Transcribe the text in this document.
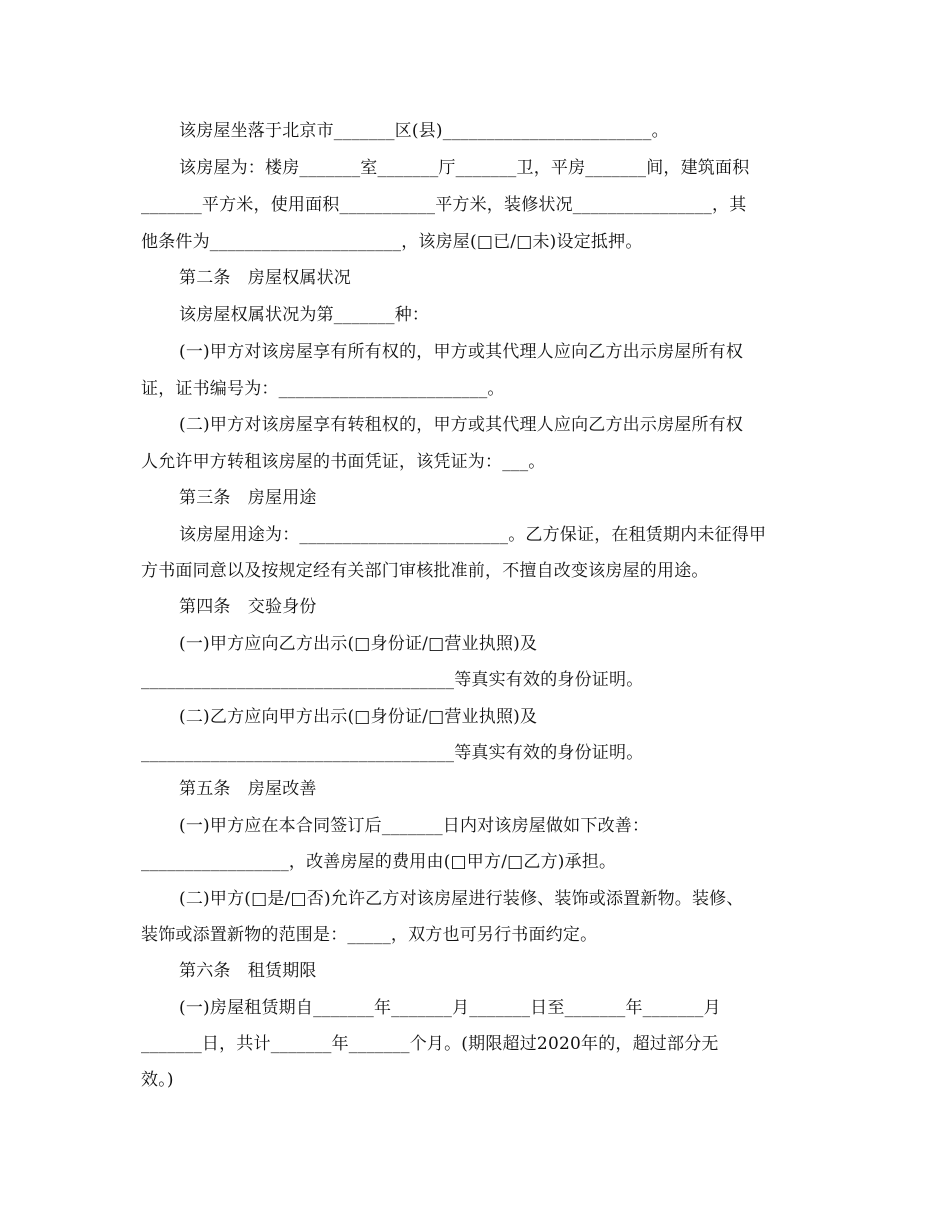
该房屋坐落于北京市_______区(县)________________________。
该房屋为：楼房_______室_______厅_______卫，平房_______间，建筑面积
_______平方米，使用面积___________平方米，装修状况________________，其
他条件为______________________，该房屋(□已/□未)设定抵押。
第二条　房屋权属状况
该房屋权属状况为第_______种：
(一)甲方对该房屋享有所有权的，甲方或其代理人应向乙方出示房屋所有权
证，证书编号为：________________________。
(二)甲方对该房屋享有转租权的，甲方或其代理人应向乙方出示房屋所有权
人允许甲方转租该房屋的书面凭证，该凭证为：___。
第三条　房屋用途
该房屋用途为：________________________。乙方保证，在租赁期内未征得甲
方书面同意以及按规定经有关部门审核批准前，不擅自改变该房屋的用途。
第四条　交验身份
(一)甲方应向乙方出示(□身份证/□营业执照)及
____________________________________等真实有效的身份证明。
(二)乙方应向甲方出示(□身份证/□营业执照)及
____________________________________等真实有效的身份证明。
第五条　房屋改善
(一)甲方应在本合同签订后_______日内对该房屋做如下改善：
_________________，改善房屋的费用由(□甲方/□乙方)承担。
(二)甲方(□是/□否)允许乙方对该房屋进行装修、装饰或添置新物。装修、
装饰或添置新物的范围是：_____，双方也可另行书面约定。
第六条　租赁期限
(一)房屋租赁期自_______年_______月_______日至_______年_______月
_______日，共计_______年_______个月。(期限超过2020年的，超过部分无
效。)
